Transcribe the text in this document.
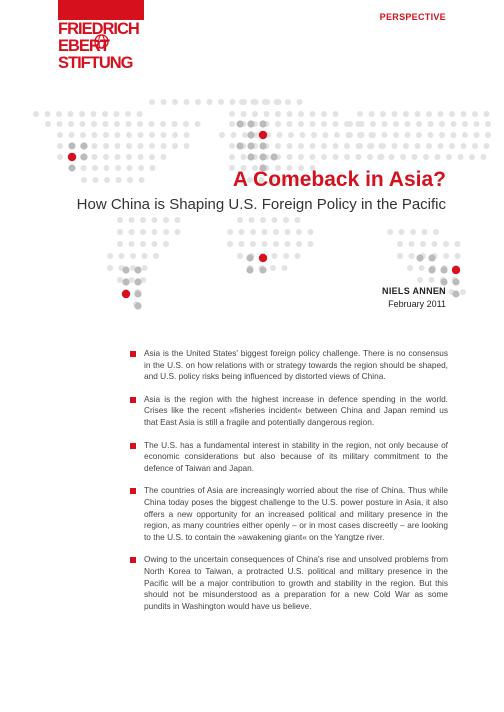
FRIEDRICH
EBERT
STIFTUNG
PERSPECTIVE
A Comeback in Asia?
How China is Shaping U.S. Foreign Policy in the Pacific
NIELS ANNEN
February 2011
Asia is the United States' biggest foreign policy challenge. There is no consensus in the U.S. on how relations with or strategy towards the region should be shaped, and U.S. policy risks being influenced by distorted views of China.
Asia is the region with the highest increase in defence spending in the world. Crises like the recent »fisheries incident« between China and Japan remind us that East Asia is still a fragile and potentially dangerous region.
The U.S. has a fundamental interest in stability in the region, not only because of economic considerations but also because of its military commitment to the defence of Taiwan and Japan.
The countries of Asia are increasingly worried about the rise of China. Thus while China today poses the biggest challenge to the U.S. power posture in Asia, it also offers a new opportunity for an increased political and military presence in the region, as many countries either openly – or in most cases discreetly – are looking to the U.S. to contain the »awakening giant« on the Yangtze river.
Owing to the uncertain consequences of China's rise and unsolved problems from North Korea to Taiwan, a protracted U.S. political and military presence in the Pacific will be a major contribution to growth and stability in the region. But this should not be misunderstood as a preparation for a new Cold War as some pundits in Washington would have us believe.
